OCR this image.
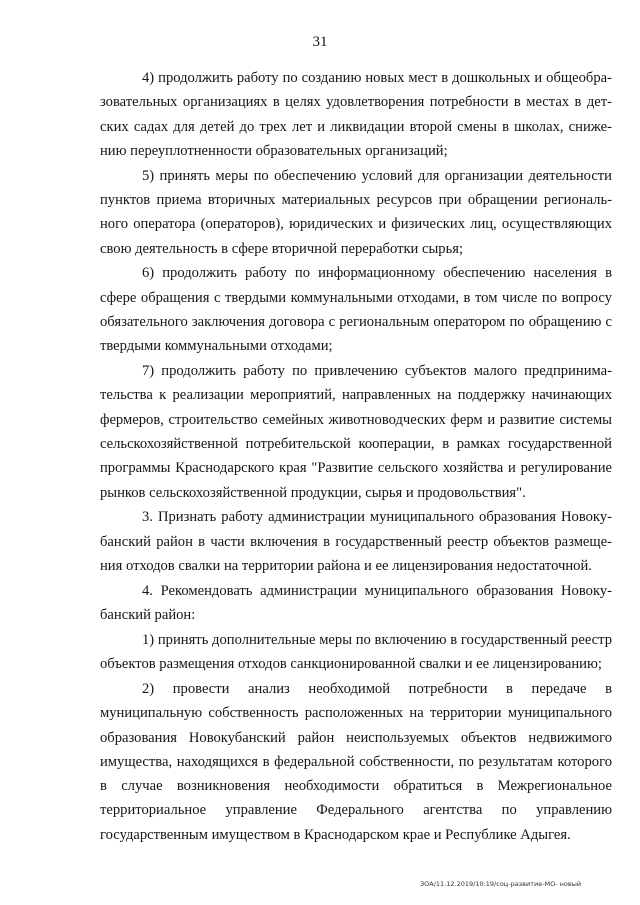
31

4) продолжить работу по созданию новых мест в дошкольных и общеобразовательных организациях в целях удовлетворения потребности в местах в детских садах для детей до трех лет и ликвидации второй смены в школах, снижению переуплотненности образовательных организаций;

5) принять меры по обеспечению условий для организации деятельности пунктов приема вторичных материальных ресурсов при обращении регионального оператора (операторов), юридических и физических лиц, осуществляющих свою деятельность в сфере вторичной переработки сырья;

6) продолжить работу по информационному обеспечению населения в сфере обращения с твердыми коммунальными отходами, в том числе по вопросу обязательного заключения договора с региональным оператором по обращению с твердыми коммунальными отходами;

7) продолжить работу по привлечению субъектов малого предпринимательства к реализации мероприятий, направленных на поддержку начинающих фермеров, строительство семейных животноводческих ферм и развитие системы сельскохозяйственной потребительской кооперации, в рамках государственной программы Краснодарского края "Развитие сельского хозяйства и регулирование рынков сельскохозяйственной продукции, сырья и продовольствия".

3. Признать работу администрации муниципального образования Новокубанский район в части включения в государственный реестр объектов размещения отходов свалки на территории района и ее лицензирования недостаточной.

4. Рекомендовать администрации муниципального образования Новокубанский район:

1) принять дополнительные меры по включению в государственный реестр объектов размещения отходов санкционированной свалки и ее лицензированию;

2) провести анализ необходимой потребности в передаче в муниципальную собственность расположенных на территории муниципального образования Новокубанский район неиспользуемых объектов недвижимого имущества, находящихся в федеральной собственности, по результатам которого в случае возникновения необходимости обратиться в Межрегиональное территориальное управление Федерального агентства по управлению государственным имуществом в Краснодарском крае и Республике Адыгея.

ЗОА/11.12.2019/10:19/соц-развитие-МО- новый
